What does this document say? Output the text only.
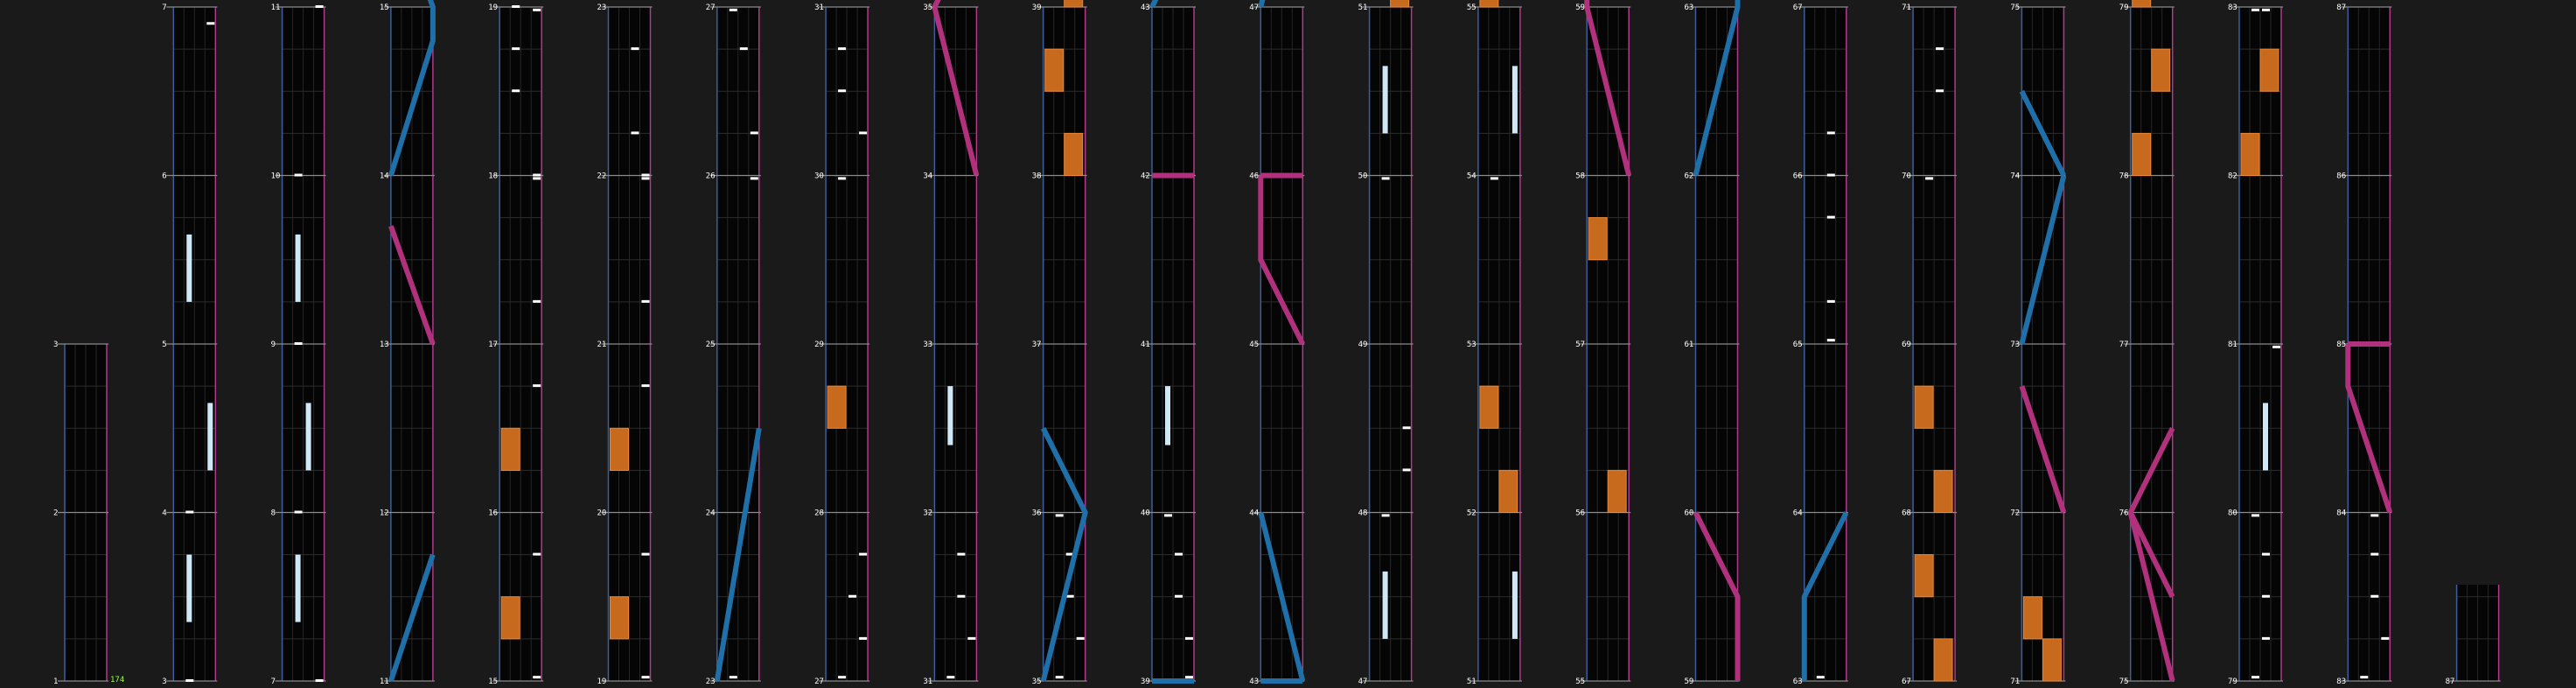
3
2
1	174
7
6
5
4
3
11
10
9
8
7
15
14
13
12
11
19
18
17
16
15
23
22
21
20
19
27
26
25
24
23
31
30
29
28
27
35
34
33
32
31
39
38
37
36
35
43
42
41
40
39
47
46
45
44
43
51
50
49
48
47
55
54
53
52
51
59
58
57
56
55
63
62
61
60
59
67
66
65
64
63
71
70
69
68
67
75
74
73
72
71
79
78
77
76
75
83
82
81
80
79
87
86
85
84
83	87
